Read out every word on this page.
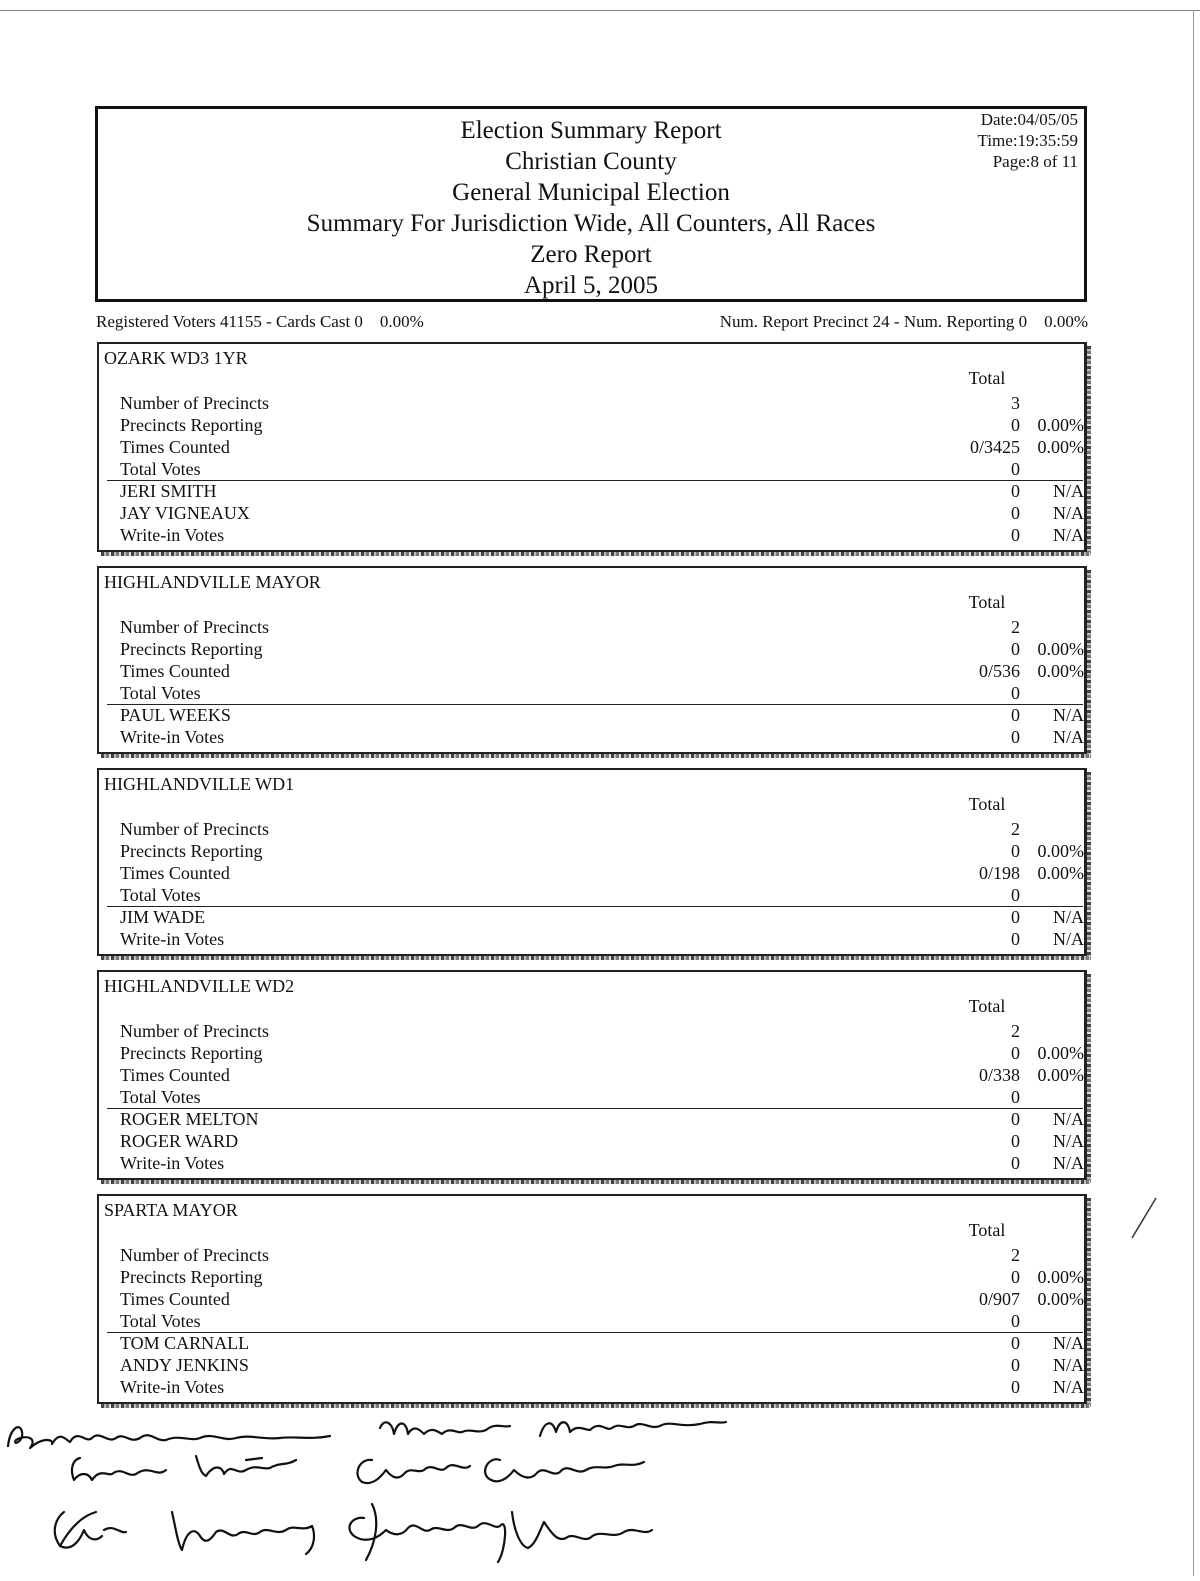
Election Summary Report
Christian County
General Municipal Election
Summary For Jurisdiction Wide, All Counters, All Races
Zero Report
April 5, 2005
Date:04/05/05
Time:19:35:59
Page:8 of 11
Registered Voters 41155 - Cards Cast 0    0.00%	Num. Report Precinct 24 - Num. Reporting 0    0.00%
OZARK WD3 1YR
Total
Number of Precincts	3
Precincts Reporting	0 0.00%
Times Counted	0/3425 0.00%
Total Votes	0
JERI SMITH	0	N/A
JAY VIGNEAUX	0	N/A
Write-in Votes	0	N/A
HIGHLANDVILLE MAYOR
Total
Number of Precincts	2
Precincts Reporting	0 0.00%
Times Counted	0/536 0.00%
Total Votes	0
PAUL WEEKS	0	N/A
Write-in Votes	0	N/A
HIGHLANDVILLE WD1
Total
Number of Precincts	2
Precincts Reporting	0 0.00%
Times Counted	0/198 0.00%
Total Votes	0
JIM WADE	0	N/A
Write-in Votes	0	N/A
HIGHLANDVILLE WD2
Total
Number of Precincts	2
Precincts Reporting	0 0.00%
Times Counted	0/338 0.00%
Total Votes	0
ROGER MELTON	0	N/A
ROGER WARD	0	N/A
Write-in Votes	0	N/A
SPARTA MAYOR
Total
Number of Precincts	2
Precincts Reporting	0 0.00%
Times Counted	0/907 0.00%
Total Votes	0
TOM CARNALL	0	N/A
ANDY JENKINS	0	N/A
Write-in Votes	0	N/A
